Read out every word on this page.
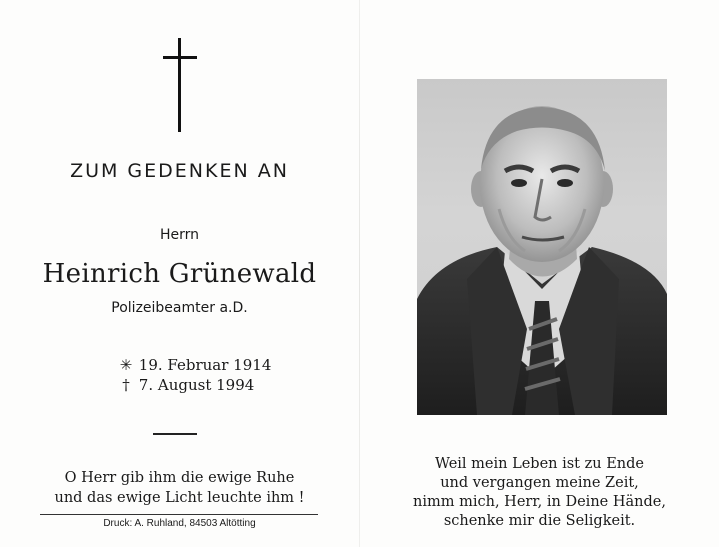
ZUM GEDENKEN AN
Herrn
Heinrich Grünewald
Polizeibeamter a.D.
✳ 19. Februar 1914
† 7. August 1994
O Herr gib ihm die ewige Ruhe
und das ewige Licht leuchte ihm !
Druck: A. Ruhland, 84503 Altötting
Weil mein Leben ist zu Ende
und vergangen meine Zeit,
nimm mich, Herr, in Deine Hände,
schenke mir die Seligkeit.
